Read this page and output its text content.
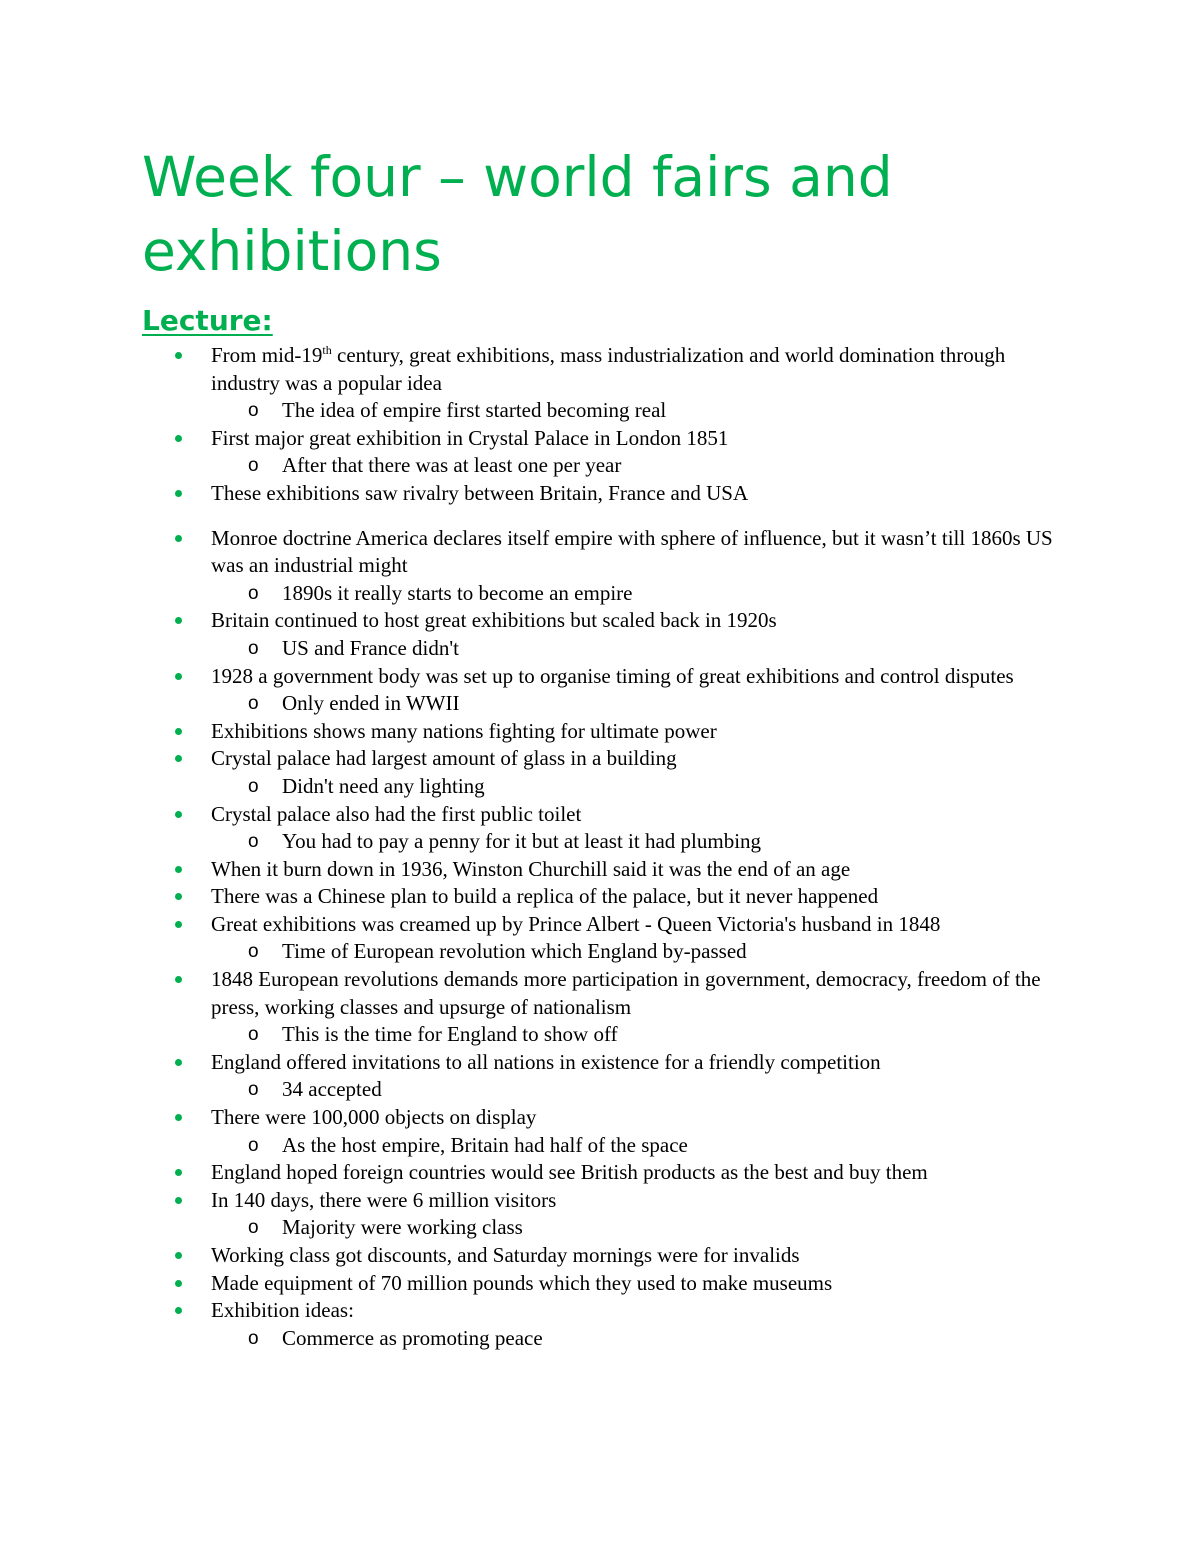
Week four – world fairs and exhibitions
Lecture:
From mid-19th century, great exhibitions, mass industrialization and world domination through industry was a popular idea
o The idea of empire first started becoming real
First major great exhibition in Crystal Palace in London 1851
o After that there was at least one per year
These exhibitions saw rivalry between Britain, France and USA
Monroe doctrine America declares itself empire with sphere of influence, but it wasn’t till 1860s US was an industrial might
o 1890s it really starts to become an empire
Britain continued to host great exhibitions but scaled back in 1920s
o US and France didn't
1928 a government body was set up to organise timing of great exhibitions and control disputes
o Only ended in WWII
Exhibitions shows many nations fighting for ultimate power
Crystal palace had largest amount of glass in a building
o Didn't need any lighting
Crystal palace also had the first public toilet
o You had to pay a penny for it but at least it had plumbing
When it burn down in 1936, Winston Churchill said it was the end of an age
There was a Chinese plan to build a replica of the palace, but it never happened
Great exhibitions was creamed up by Prince Albert - Queen Victoria's husband in 1848
o Time of European revolution which England by-passed
1848 European revolutions demands more participation in government, democracy, freedom of the press, working classes and upsurge of nationalism
o This is the time for England to show off
England offered invitations to all nations in existence for a friendly competition
o 34 accepted
There were 100,000 objects on display
o As the host empire, Britain had half of the space
England hoped foreign countries would see British products as the best and buy them
In 140 days, there were 6 million visitors
o Majority were working class
Working class got discounts, and Saturday mornings were for invalids
Made equipment of 70 million pounds which they used to make museums
Exhibition ideas:
o Commerce as promoting peace
